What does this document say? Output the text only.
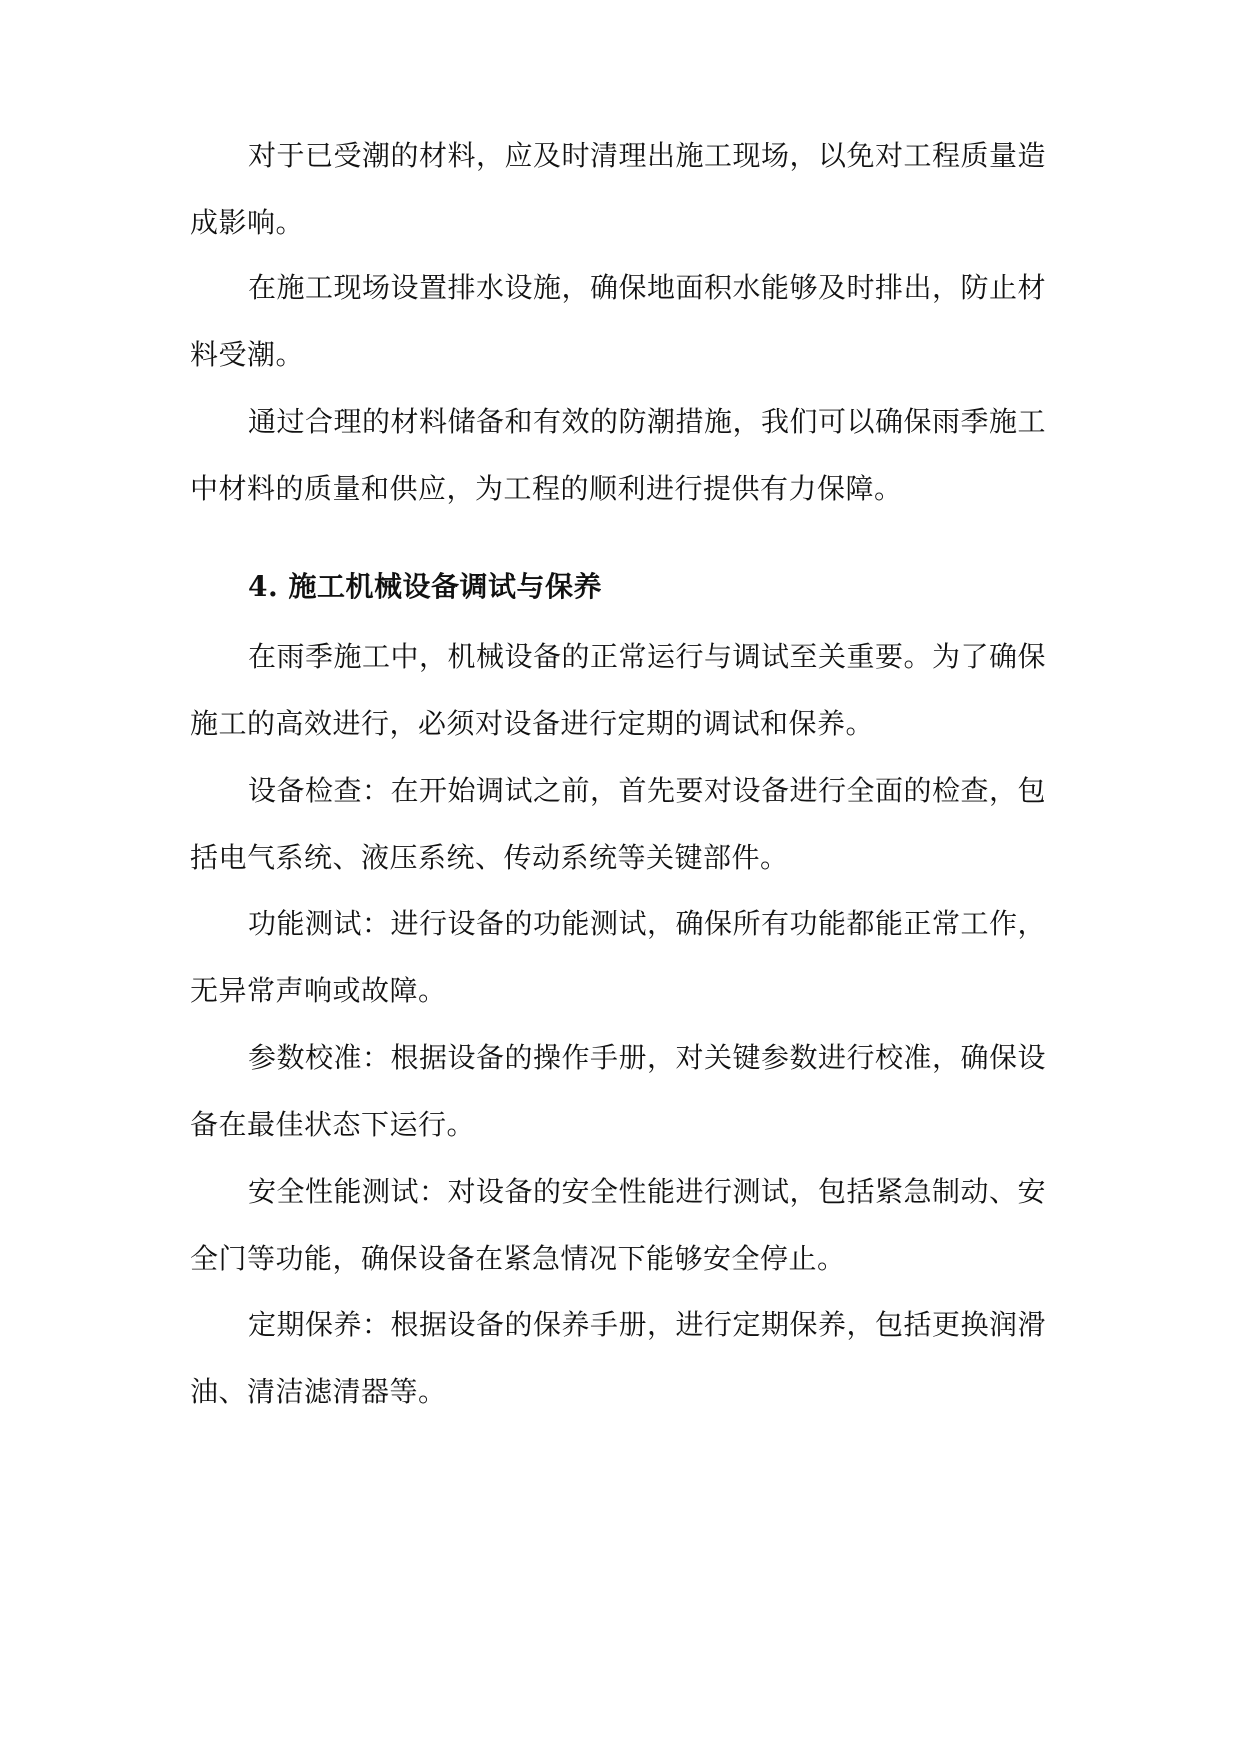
对于已受潮的材料，应及时清理出施工现场，以免对工程质量造
成影响。
在施工现场设置排水设施，确保地面积水能够及时排出，防止材
料受潮。
通过合理的材料储备和有效的防潮措施，我们可以确保雨季施工
中材料的质量和供应，为工程的顺利进行提供有力保障。
4. 施工机械设备调试与保养
在雨季施工中，机械设备的正常运行与调试至关重要。为了确保
施工的高效进行，必须对设备进行定期的调试和保养。
设备检查：在开始调试之前，首先要对设备进行全面的检查，包
括电气系统、液压系统、传动系统等关键部件。
功能测试：进行设备的功能测试，确保所有功能都能正常工作，
无异常声响或故障。
参数校准：根据设备的操作手册，对关键参数进行校准，确保设
备在最佳状态下运行。
安全性能测试：对设备的安全性能进行测试，包括紧急制动、安
全门等功能，确保设备在紧急情况下能够安全停止。
定期保养：根据设备的保养手册，进行定期保养，包括更换润滑
油、清洁滤清器等。
